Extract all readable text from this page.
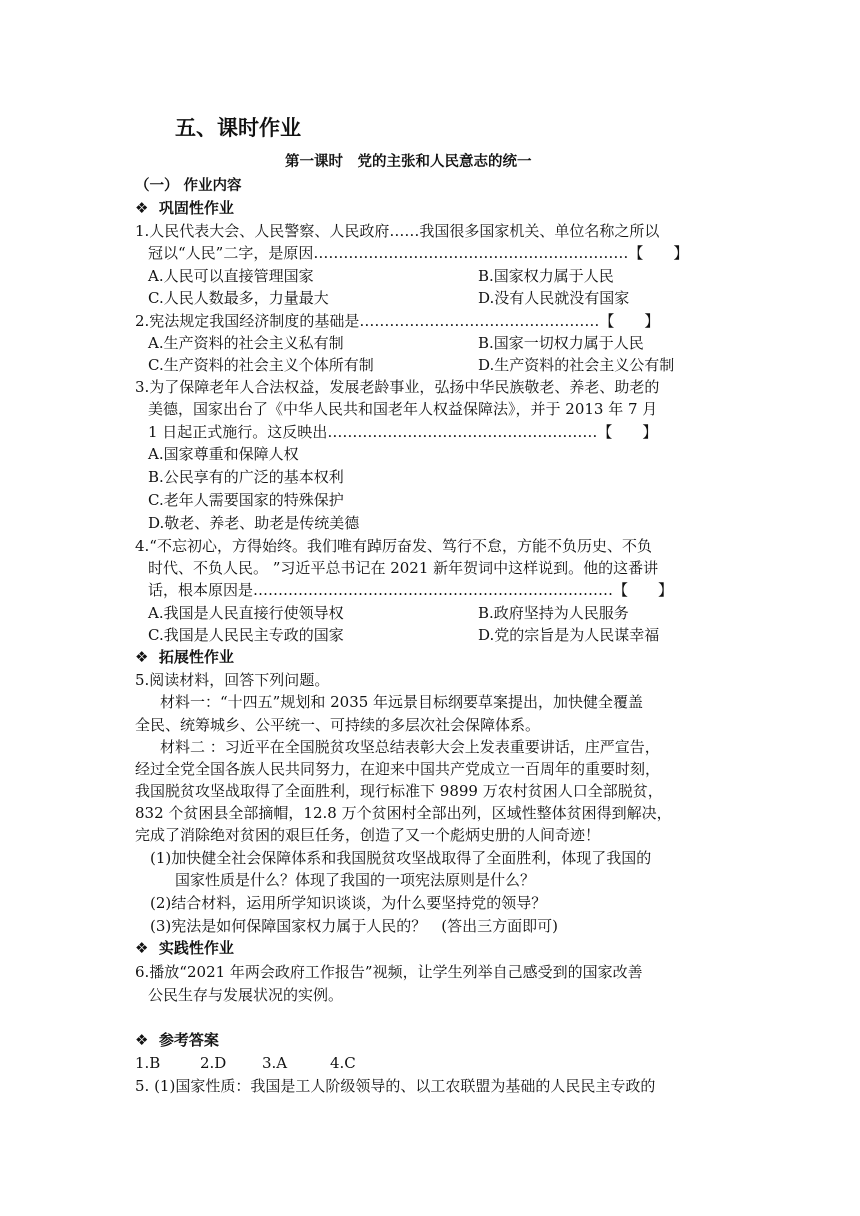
五、课时作业
第一课时　党的主张和人民意志的统一
（一） 作业内容
❖ 巩固性作业
1.人民代表大会、人民警察、人民政府……我国很多国家机关、单位名称之所以
冠以“人民”二字，是原因………………………………………………………【　　】
A.人民可以直接管理国家	B.国家权力属于人民
C.人民人数最多，力量最大	D.没有人民就没有国家
2.宪法规定我国经济制度的基础是…………………………………………【　　】
A.生产资料的社会主义私有制	B.国家一切权力属于人民
C.生产资料的社会主义个体所有制	D.生产资料的社会主义公有制
3.为了保障老年人合法权益，发展老龄事业，弘扬中华民族敬老、养老、助老的
美德，国家出台了《中华人民共和国老年人权益保障法》，并于 2013 年 7 月
1 日起正式施行。这反映出………………………………………………【　　】
A.国家尊重和保障人权
B.公民享有的广泛的基本权利
C.老年人需要国家的特殊保护
D.敬老、养老、助老是传统美德
4.“不忘初心，方得始终。我们唯有踔厉奋发、笃行不怠，方能不负历史、不负
时代、不负人民。 ”习近平总书记在 2021 新年贺词中这样说到。他的这番讲
话，根本原因是………………………………………………………………【　　】
A.我国是人民直接行使领导权	B.政府坚持为人民服务
C.我国是人民民主专政的国家	D.党的宗旨是为人民谋幸福
❖ 拓展性作业
5.阅读材料，回答下列问题。
材料一：“十四五”规划和 2035 年远景目标纲要草案提出，加快健全覆盖
全民、统筹城乡、公平统一、可持续的多层次社会保障体系。
材料二 ：习近平在全国脱贫攻坚总结表彰大会上发表重要讲话，庄严宣告，
经过全党全国各族人民共同努力，在迎来中国共产党成立一百周年的重要时刻，
我国脱贫攻坚战取得了全面胜利，现行标准下 9899 万农村贫困人口全部脱贫，
832 个贫困县全部摘帽，12.8 万个贫困村全部出列，区域性整体贫困得到解决，
完成了消除绝对贫困的艰巨任务，创造了又一个彪炳史册的人间奇迹！
(1)加快健全社会保障体系和我国脱贫攻坚战取得了全面胜利，体现了我国的
国家性质是什么？体现了我国的一项宪法原则是什么？
(2)结合材料，运用所学知识谈谈，为什么要坚持党的领导？
(3)宪法是如何保障国家权力属于人民的？　(答出三方面即可)
❖ 实践性作业
6.播放“2021 年两会政府工作报告”视频，让学生列举自己感受到的国家改善
公民生存与发展状况的实例。
❖ 参考答案
1.B	2.D 3.A	4.C
5. (1)国家性质：我国是工人阶级领导的、以工农联盟为基础的人民民主专政的
